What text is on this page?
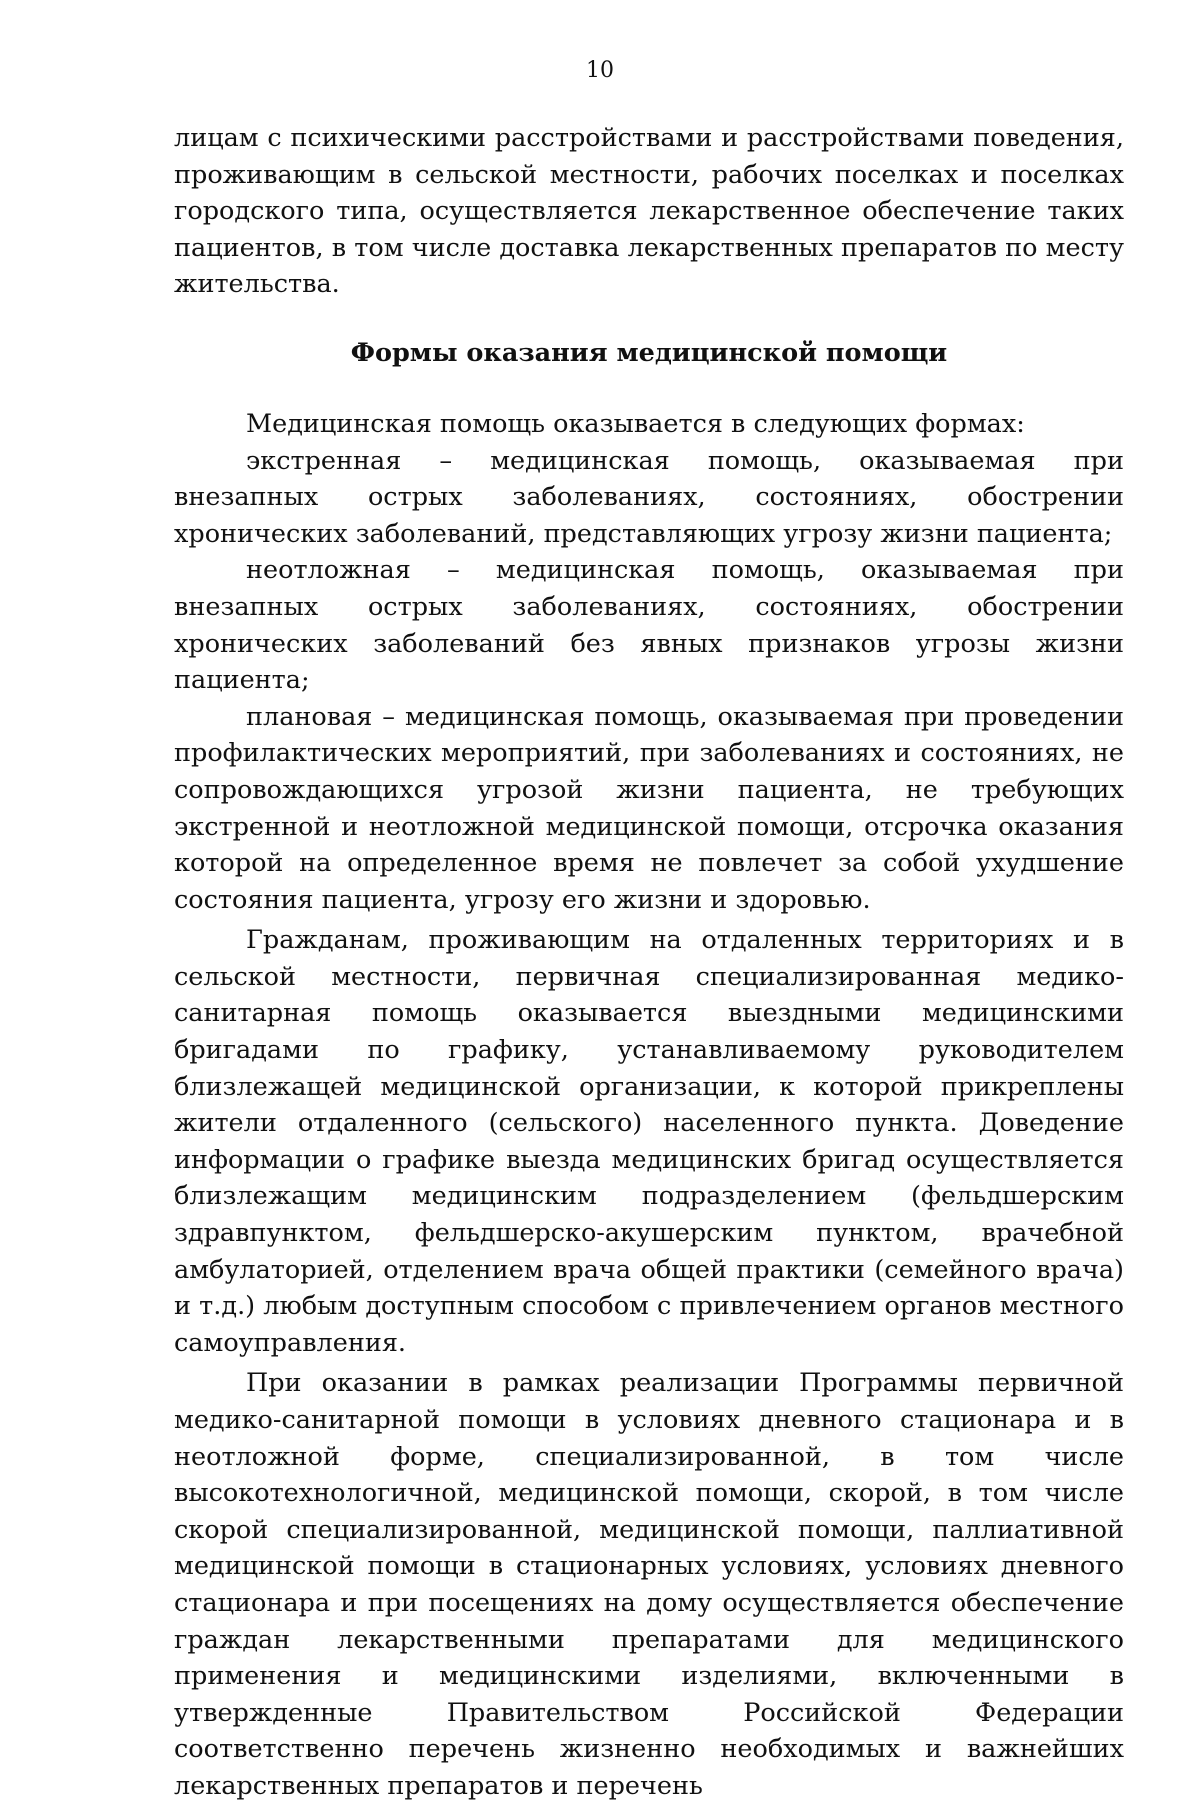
10

лицам с психическими расстройствами и расстройствами поведения, проживающим в сельской местности, рабочих поселках и поселках городского типа, осуществляется лекарственное обеспечение таких пациентов, в том числе доставка лекарственных препаратов по месту жительства.

Формы оказания медицинской помощи

Медицинская помощь оказывается в следующих формах:

экстренная – медицинская помощь, оказываемая при внезапных острых заболеваниях, состояниях, обострении хронических заболеваний, представляющих угрозу жизни пациента;

неотложная – медицинская помощь, оказываемая при внезапных острых заболеваниях, состояниях, обострении хронических заболеваний без явных признаков угрозы жизни пациента;

плановая – медицинская помощь, оказываемая при проведении профилактических мероприятий, при заболеваниях и состояниях, не сопровождающихся угрозой жизни пациента, не требующих экстренной и неотложной медицинской помощи, отсрочка оказания которой на определенное время не повлечет за собой ухудшение состояния пациента, угрозу его жизни и здоровью.

Гражданам, проживающим на отдаленных территориях и в сельской местности, первичная специализированная медико-санитарная помощь оказывается выездными медицинскими бригадами по графику, устанавливаемому руководителем близлежащей медицинской организации, к которой прикреплены жители отдаленного (сельского) населенного пункта. Доведение информации о графике выезда медицинских бригад осуществляется близлежащим медицинским подразделением (фельдшерским здравпунктом, фельдшерско-акушерским пунктом, врачебной амбулаторией, отделением врача общей практики (семейного врача) и т.д.) любым доступным способом с привлечением органов местного самоуправления.

При оказании в рамках реализации Программы первичной медико-санитарной помощи в условиях дневного стационара и в неотложной форме, специализированной, в том числе высокотехнологичной, медицинской помощи, скорой, в том числе скорой специализированной, медицинской помощи, паллиативной медицинской помощи в стационарных условиях, условиях дневного стационара и при посещениях на дому осуществляется обеспечение граждан лекарственными препаратами для медицинского применения и медицинскими изделиями, включенными в утвержденные Правительством Российской Федерации соответственно перечень жизненно необходимых и важнейших лекарственных препаратов и перечень
